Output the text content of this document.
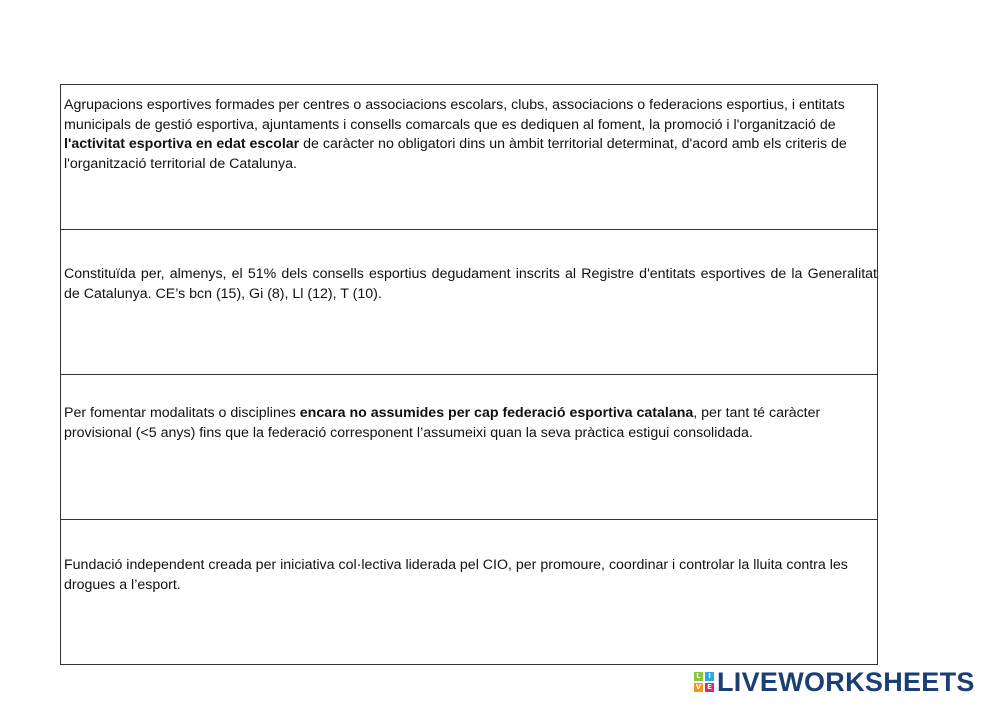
Agrupacions esportives formades per centres o associacions escolars, clubs, associacions o federacions esportius, i entitats municipals de gestió esportiva, ajuntaments i consells comarcals que es dediquen al foment, la promoció i l'organització de l'activitat esportiva en edat escolar de caràcter no obligatori dins un àmbit territorial determinat, d'acord amb els criteris de l'organització territorial de Catalunya.

Constituïda per, almenys, el 51% dels consells esportius degudament inscrits al Registre d'entitats esportives de la Generalitat de Catalunya. CE’s bcn (15), Gi (8), Ll (12), T (10).

Per fomentar modalitats o disciplines encara no assumides per cap federació esportiva catalana, per tant té caràcter provisional (<5 anys) fins que la federació corresponent l’assumeixi quan la seva pràctica estigui consolidada.

Fundació independent creada per iniciativa col·lectiva liderada pel CIO, per promoure, coordinar i controlar la lluita contra les drogues a l’esport.

L	I
V E LIVEWORKSHEETS
